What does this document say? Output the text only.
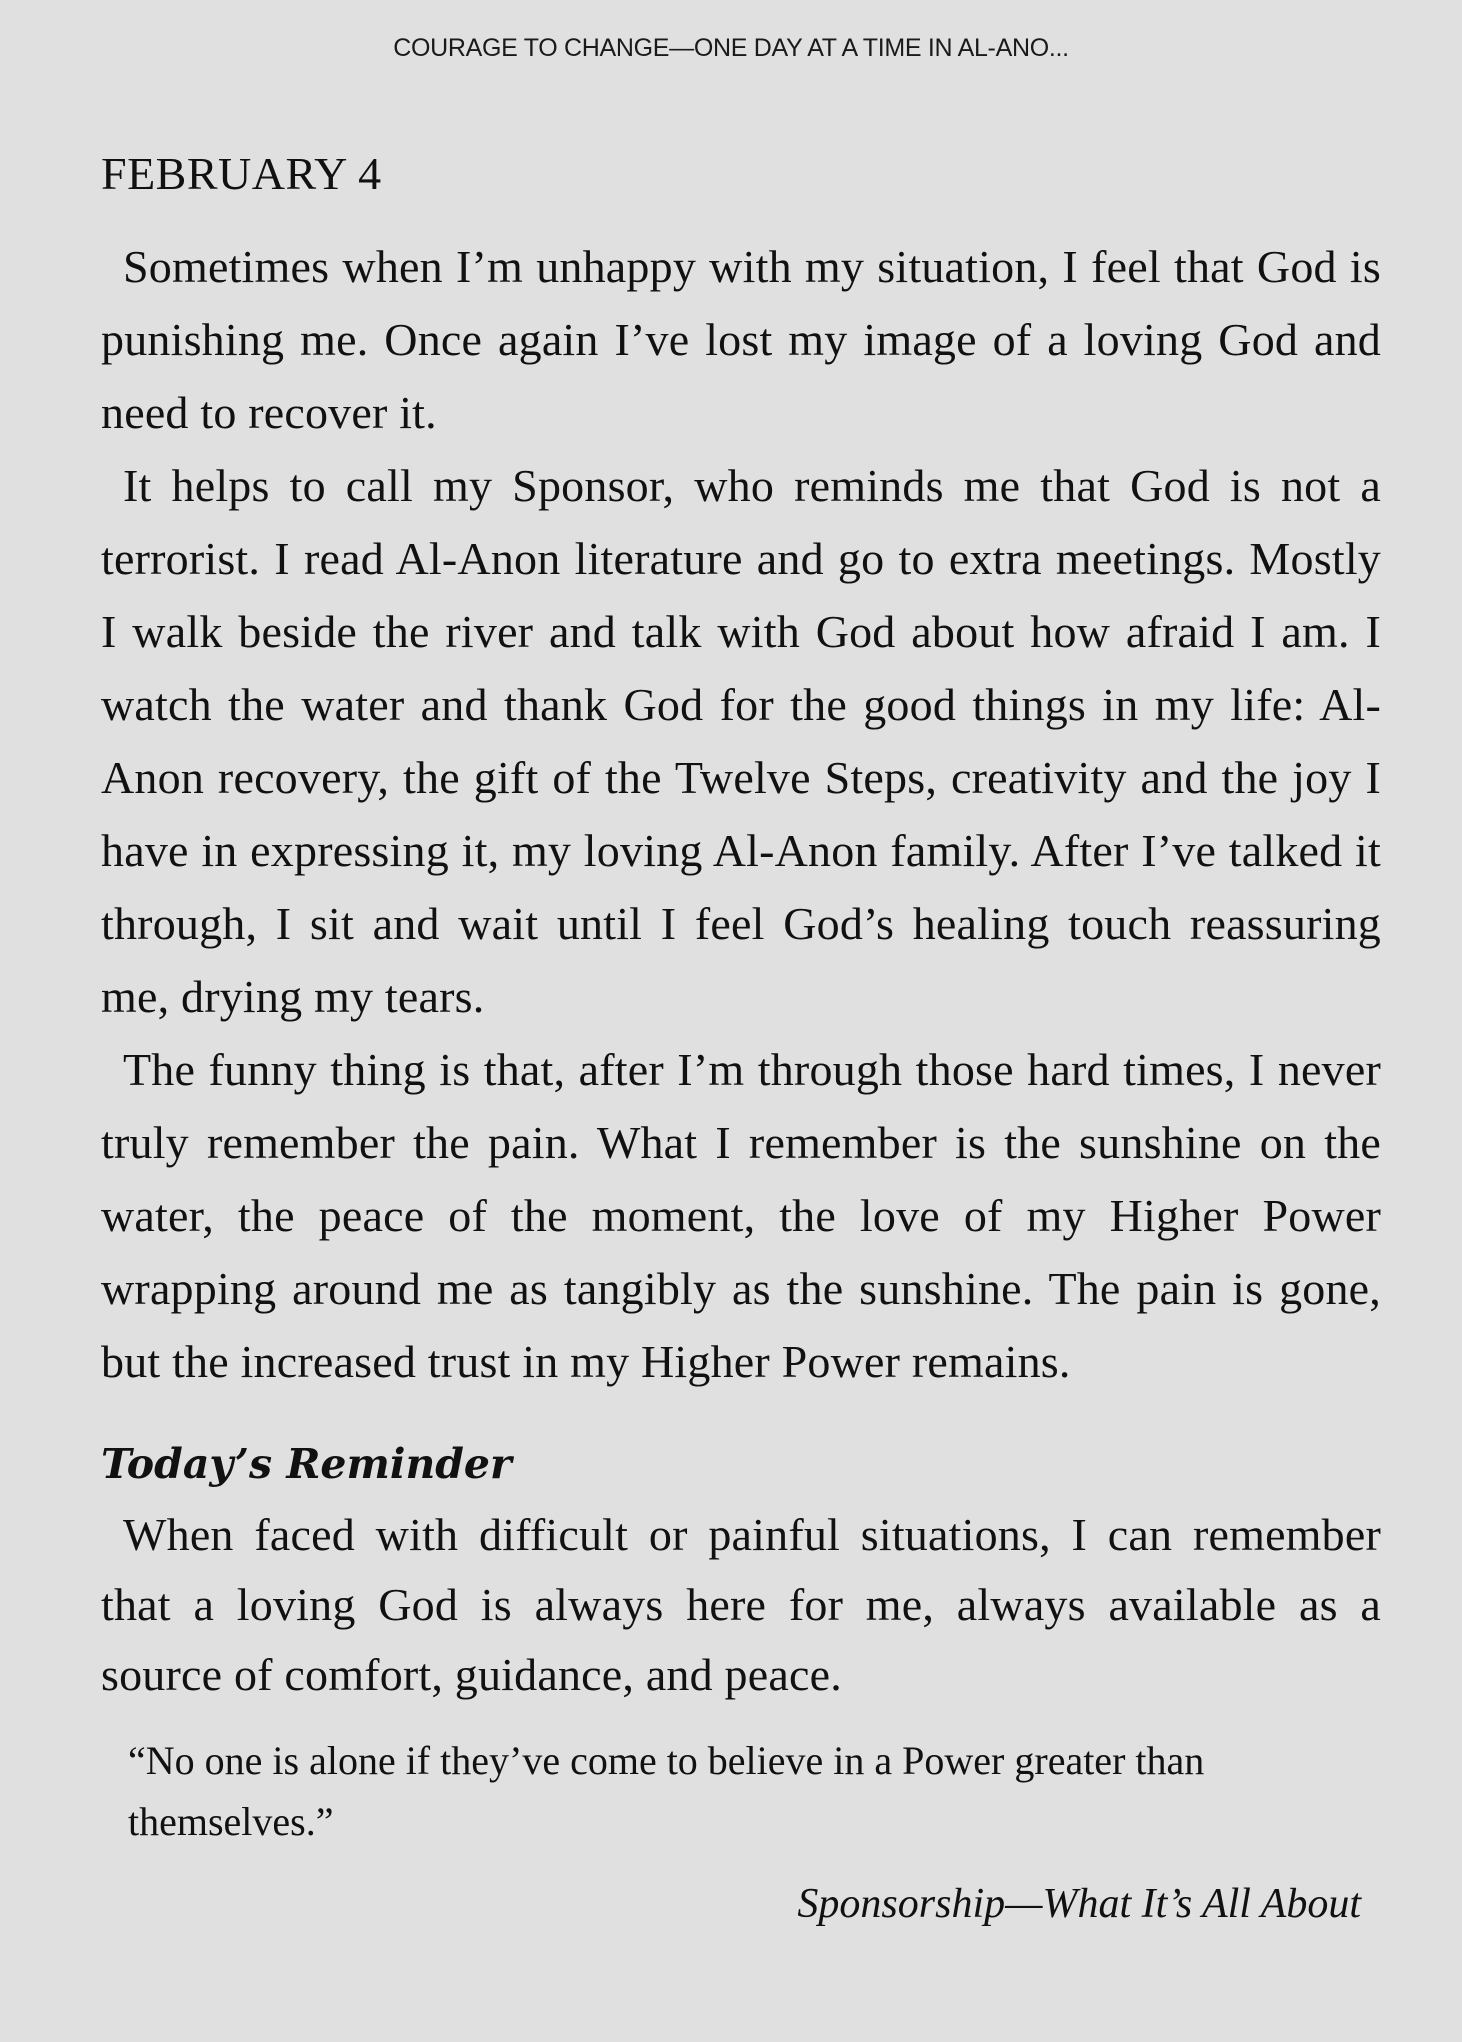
COURAGE TO CHANGE—ONE DAY AT A TIME IN AL-ANO...
FEBRUARY 4

Sometimes when I’m unhappy with my situation, I feel that God is punishing me. Once again I’ve lost my image of a loving God and need to recover it.

It helps to call my Sponsor, who reminds me that God is not a terrorist. I read Al-Anon literature and go to extra meetings. Mostly I walk beside the river and talk with God about how afraid I am. I watch the water and thank God for the good things in my life: Al-Anon recovery, the gift of the Twelve Steps, creativity and the joy I have in expressing it, my loving Al-Anon family. After I’ve talked it through, I sit and wait until I feel God’s healing touch reassuring me, drying my tears.

The funny thing is that, after I’m through those hard times, I never truly remember the pain. What I remember is the sunshine on the water, the peace of the moment, the love of my Higher Power wrapping around me as tangibly as the sunshine. The pain is gone, but the increased trust in my Higher Power remains.

Today’s Reminder

When faced with difficult or painful situations, I can remember that a loving God is always here for me, always available as a source of comfort, guidance, and peace.

“No one is alone if they’ve come to believe in a Power greater than themselves.”
Sponsorship—What It’s All About
